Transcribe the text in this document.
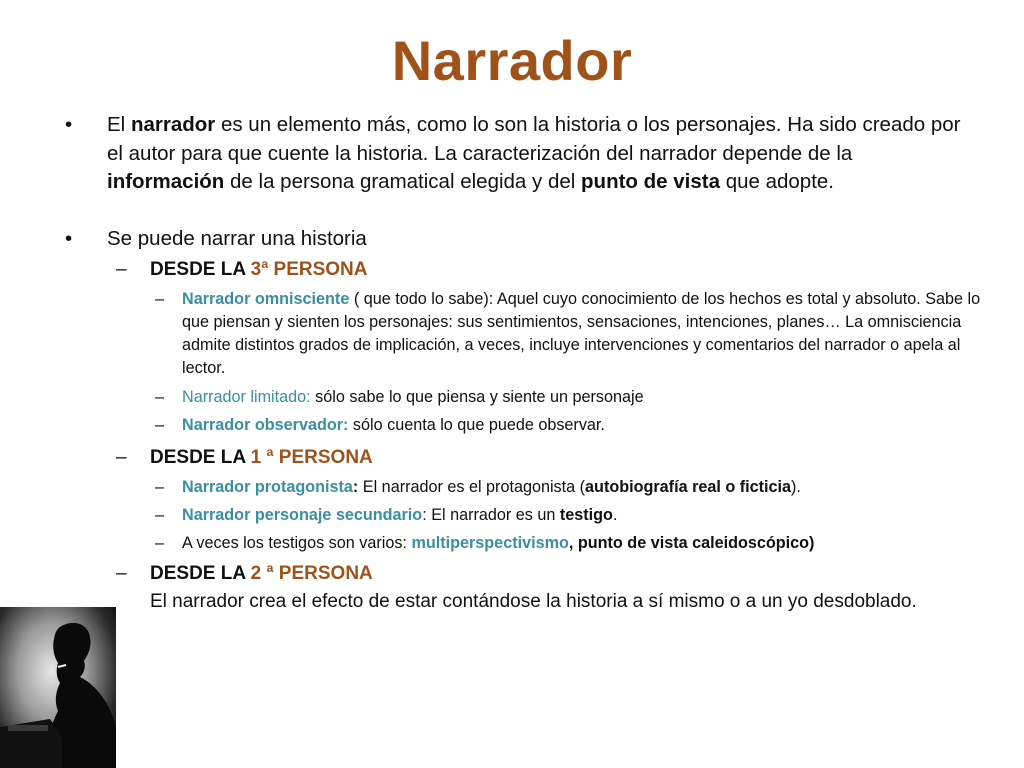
Narrador
• El narrador es un elemento más, como lo son la historia o los personajes. Ha sido creado por el autor para que cuente la historia. La caracterización del narrador depende de la información de la persona gramatical elegida y del punto de vista que adopte.
• Se puede narrar una historia
– DESDE LA 3ª PERSONA
– Narrador omnisciente ( que todo lo sabe): Aquel cuyo conocimiento de los hechos es total y absoluto. Sabe lo que piensan y sienten los personajes: sus sentimientos, sensaciones, intenciones, planes… La omnisciencia admite distintos grados de implicación, a veces, incluye intervenciones y comentarios del narrador o apela al lector.
– Narrador limitado: sólo sabe lo que piensa y siente un personaje
– Narrador observador: sólo cuenta lo que puede observar.
– DESDE LA 1 ª PERSONA
– Narrador protagonista: El narrador es el protagonista (autobiografía real o ficticia).
– Narrador personaje secundario: El narrador es un testigo.
– A veces los testigos son varios: multiperspectivismo, punto de vista caleidoscópico)
– DESDE LA 2 ª PERSONA
El narrador crea el efecto de estar contándose la historia a sí mismo o a un yo desdoblado.
